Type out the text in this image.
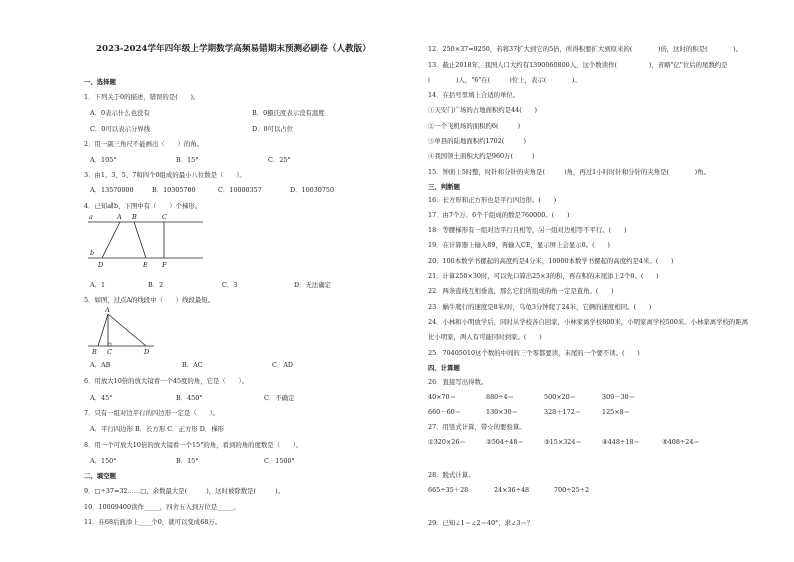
2023-2024学年四年级上学期数学高频易错期末预测必刷卷（人教版）
一、选择题
1．下列关于0的描述，错误的是(　　)。
A．0表示什么也没有	B．0摄氏度表示没有温度
C．0可以表示分界线	D．0可以占位
2．用一副三角尺不能画出（　　）的角。
A．105°	B．15°	C．25°
3．由1、3、5、7和四个0组成的最小八位数是（　　）。
A．13570000	B．10305700	C．10000357	D．10030750
4．已知a∥b，下图中有（　　）个梯形。
A．1	B．2	C．3	D．无法确定
5．如图，过点A的线段中（　　）线段最短。
A．AB	B．AC	C．AD
6．用放大10倍的放大镜看一个45度的角，它是（　　）。
A．45°	B．450°	C．不确定
7．只有一组对边平行的四边形一定是（　　）。
A．平行四边形 B．长方形 C．正方形 D．梯形
8．用一个可放大10倍的放大镜看一个15°的角，看到的角的度数是（　　）。
A．150°	B．15°	C．1500°
二、填空题
9．□÷37=32……□，余数最大是(　　　)，这时被除数是(　　　)。
10．10009400读作_____，四舍五入到万位是_____。
11．在68后面添上____个0，就可以变成68万。
12．250×37=9250，若将37扩大到它的5倍，所得积要扩大到原来的(　　　　)倍，这时的积是(　　　　)。
13．截止2018年，我国人口大约有1390060800人，这个数读作(　　　　　)，省略"亿"位后的尾数约是
(　　　　)人，"6"在(　　　)位上，表示(　　　　)。
14．在括号里填上合适的单位。
①天安门广场的占地面积约是44(　　)
②一个飞机场的面积约6(　　　)
③单县的陆地面积约1702(　　　)
④我国领土面积大约是960万(　　　)
15．钟面上5时整，时针和分针的夹角是(　　　)角，再过1小时时针和分针的夹角是(　　　　)角。
三、判断题
16．长方形和正方形也是平行四边形。(　　)
17．由7个万、6个千组成的数是760000。(　　)
18．等腰梯形有一组对边平行且相等，另一组对边相等不平行。(　　)
19．在计算器上输入89，再输入CE，显示屏上会显示0。(　　)
20．100本数学书摞起的高度约是4分米，10000本数学书摞起的高度约是4米。(　　)
21．计算250×30时，可以先口算出25×3的积，再在积的末尾添上2个0。(　　)
22．两条直线互相垂直，那么它们所组成的角一定是直角。(　　)
23．蜗牛爬行的速度是8米/时，乌龟3分钟爬了24米，它俩的速度相同。(　　)
24．小林和小明放学后，同时从学校各自回家，小林家离学校800米，小明家离学校500米。小林家离学校的距离
比小明家，两人有可能同时到家。(　　)
25．70405010这个数的中间的三个零都要读，末尾的一个要不读。(　　)
四、计算题
26．直接写出得数。
40×70＝	880÷4＝	500×20＝	309－30＝
660－60＝	130×30＝	328＋172＝	125×8＝
27．用竖式计算，带☆的要验算。
①320×26＝	②504÷48＝	③15×324＝	④448÷18＝	⑤408÷24＝
28．脱式计算。
665÷35＋28	24×36÷48	700÷25÷2
29．已知∠1＝∠2＝40°，求∠3＝？
a	A B	C
b
D	E F
A
B C	D
